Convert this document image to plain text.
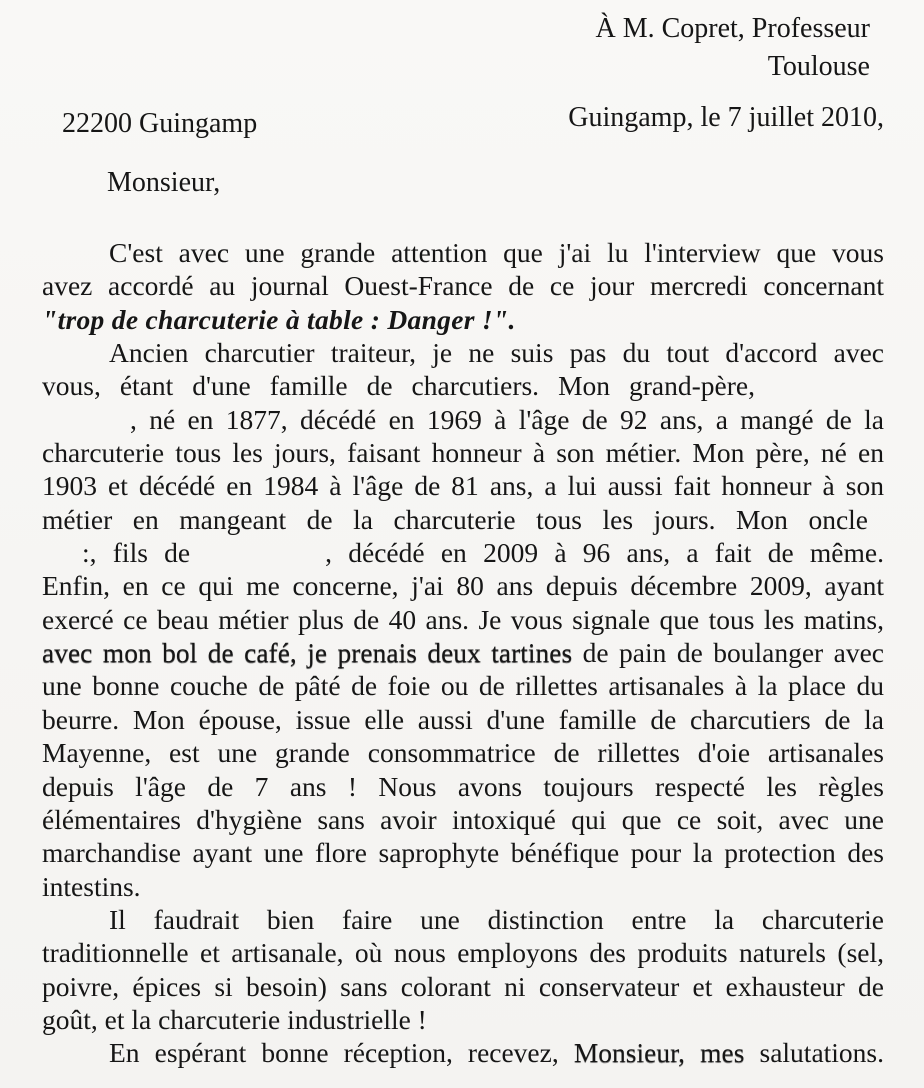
À M. Copret, Professeur
Toulouse
22200 Guingamp	Guingamp, le 7 juillet 2010,
Monsieur,
C'est avec une grande attention que j'ai lu l'interview que vous
avez accordé au journal Ouest-France de ce jour mercredi concernant
"trop de charcuterie à table : Danger !".
Ancien charcutier traiteur, je ne suis pas du tout d'accord avec
vous, étant d'une famille de charcutiers. Mon grand-père,
, né en 1877, décédé en 1969 à l'âge de 92 ans, a mangé de la
charcuterie tous les jours, faisant honneur à son métier. Mon père, né en
1903 et décédé en 1984 à l'âge de 81 ans, a lui aussi fait honneur à son
métier en mangeant de la charcuterie tous les jours. Mon oncle
:, fils de	, décédé en 2009 à 96 ans, a fait de même.
Enfin, en ce qui me concerne, j'ai 80 ans depuis décembre 2009, ayant
exercé ce beau métier plus de 40 ans. Je vous signale que tous les matins,
avec mon bol de café, je prenais deux tartines de pain de boulanger avec
une bonne couche de pâté de foie ou de rillettes artisanales à la place du
beurre. Mon épouse, issue elle aussi d'une famille de charcutiers de la
Mayenne, est une grande consommatrice de rillettes d'oie artisanales
depuis l'âge de 7 ans ! Nous avons toujours respecté les règles
élémentaires d'hygiène sans avoir intoxiqué qui que ce soit, avec une
marchandise ayant une flore saprophyte bénéfique pour la protection des
intestins.
Il faudrait bien faire une distinction entre la charcuterie
traditionnelle et artisanale, où nous employons des produits naturels (sel,
poivre, épices si besoin) sans colorant ni conservateur et exhausteur de
goût, et la charcuterie industrielle !
En espérant bonne réception, recevez, Monsieur, mes salutations.
